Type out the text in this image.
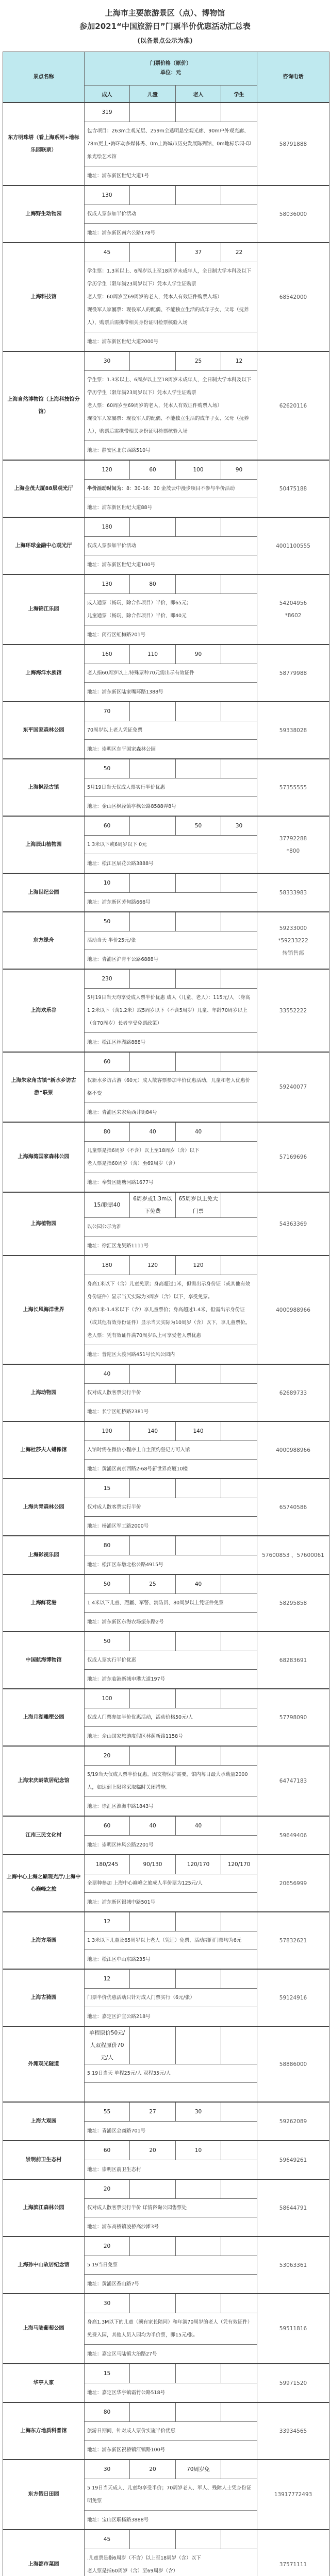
上海市主要旅游景区（点）、博物馆
参加2021“中国旅游日”门票半价优惠活动汇总表
(以各景点公示为准)
景点名称	门票价格（原价）
单位：元				咨询电话
	成人	儿童	老人	学生	
东方明珠塔（看上海系列+地标乐园联票）	319				58791888

	包含项目：263m主观光层、259m全透明悬空观光廊、90m户外观光廊、78m更上•海环动多媒体秀、0m上海城市历史发展陈列馆、0m地标乐园-印象光绘艺术馆				

	地址：浦东新区世纪大道1号				
上海野生动物园	130				58036000

	仅成人票参加半价活动				

	地址：浦东新区南六公路178号				
上海科技馆	45		37	22	68542000

	学生票：1.3米以上、6周岁以上至18周岁未成年人，全日制大学本科及以下学历学生（限年满23周岁以下）凭本人学生证购票
老人票：60周岁至69周岁的老人，凭本人有效证件购票入场）
现役军人家屬票：现役军人的配偶、不能独立生活的成年子女、父母（抚养人），购票后需携带相关身份证明检票核验入场				

	地址：浦东新区世纪大道2000号				
上海自然博物馆（上海科技馆分馆）	30		25	12	62620116

	学生票：1.3米以上、6周岁以上至18周岁未成年人，全日制大学本科及以下学历学生（限年满23周岁以下）凭本人学生证购票
老人票：60周岁至69周岁的老人，凭本人有效证件购票入场）
现役军人家屬票：现役军人的配偶、不能独立生活的成年子女、父母（抚养人），购票后需携带相关身份证明检票核验入场				

	地址：静安区北京西路510号				
上海金茂大厦88层观光厅	120	60	100	90	50475188

	半价活动时间为：8：30-16：30 金茂云中漫步项目不参与半价活动				

	地址：浦东新区世纪大道88号				
上海环球金融中心观光厅	180				4001100555

	仅成人票参加半价活动				

	地址：浦东新区世纪大道100号				
上海锦江乐园	130	80			54204956
*8602

	成人通票（畅玩，除合作项目）半价，即65元；
儿童通票（畅玩，除合作项目）半价，即40元				

	地址：闵行区虹梅路201号				
上海海洋水族馆	160	110	90		58779988

	老人指60周岁以上.特殊票种70元需出示有效证件				

	地址：浦东新区陆家嘴环路1388号				
东平国家森林公园	70				59338028

	70周岁以上老人凭证免票				

	地址：崇明区东平国家森林公园				
上海枫泾古镇	50				57355555

	5月19日当天仅成人票实行半价优惠				

	地址：金山区枫泾镇亭枫公路8588弄8号				
上海辰山植物园	60		50	30	37792288
*800

	1.3米以下或6周岁以下 0元				

	地址：松江区辰花公路3888号				
上海世纪公园	10				58333983

	地址：浦东新区芳甸路666号				
东方绿舟	50				59233000
*59233222
转销售部

	活动当天 半价25元/张				

	地址：青浦区沪青平公路6888号				
上海欢乐谷	230				33552222

	5月19日当天均享受成人票半价优惠 成人（儿童、老人）：115元/人 （身高1.2米以下（含1.2米）或5周岁以下（不含5周岁）儿童、年龄70周岁以上（含70周岁）长者享受免票政策）				

	地址：松江区林湖路888号				
上海朱家角古镇“新水乡访古游”联票	60				59240077

	仅新水乡访古游（60元）成人散客票参加半价优惠活动，儿童和老人优惠价格不变				

	地址：青浦区朱家角西井街84号				
上海海湾国家森林公园	80	40	40		57169696

	儿童票是指6周岁（不含）以上至18周岁（含）以下
老人票是指60周岁（含）至69周岁（含）				

	地址：奉贤区随塘河路1677号				
上海植物园	15/联票40	6周岁或1.3m以下免费	65周岁以上免大门票		54363369

	以公园公示为准				

	地址：徐汇区龙吴路1111号				
上海长风海洋世界	180	120	120		4000988966

	身高1米以下（含）儿童免票；身高超过1米，但需出示身份证（或其他有效身份证件）显示当天实际为3周岁（含）以下，享受免票。
身高1米-1.4米以下（含）享儿童票价；身高超过1.4米，但需出示身份证（或其他有效身份证件）显示当天实际为10周岁（含）以下，享儿童票价。
老人票：凭有效证件满70周岁以上可享受老人票优惠				

	地址：普陀区大渡河路451号长风公园内				
上海动物园	40				62689733

	仅对成人散客票实行半价				

	地址：长宁区虹桥路2381号				
上海杜莎夫人蜡像馆	190	140	140		4000988966

	入馆时需在微信小程序上自主预约登记方可入馆				

	地址：黄浦区南京西路2-68号新世界商厦10楼				
上海共青森林公园	15				65740586

	仅对成人散客票实行半价				

	地址：杨浦区军工路2000号				
上海影视乐园	80				57600853 、57600061

	地址：松江区车墩北松公路4915号				
上海鲜花港	50	25	40		58295858

	1.4米以下儿童、烈屬、军警、消防员、80周岁以上凭证件免票				

	地址：浦东新区东海农场振东路2号				
中国航海博物馆	50				68283691

	仅成人票实行半价优惠				

	地址：浦东临港新城申港大道197号				
上海月湖雕塑公园	100				57798090

	仅成人门票参加半价优惠活动，活动价格50元/人				

	地址：佘山国家旅游度假区林荫新路1158号				
上海宋庆龄故居纪念馆	20				64747183

	5/19当天仅成人票半价优惠。因文物保护需要，馆内每日最大承载量2000人，如达到上限将采取临时关闭措施。				

	地址：徐汇区淮海中路1843号				
江南三民文化村	60	40	40		59649406

	地址：崇明区林风公路2201号				
上海中心上海之巅观光厅/上海中心巅峰之旅	180/245	90/130	120/170	120/170	20656999

	全票种参加 上海中心巅峰之旅成人半价票为125元/人				

	地址：浦东新区银城中路501号				
上海方塔园	12				57832621

	1.3米以下儿童及65周岁以上老人（凭证）免票，活动期间门票均为6元				

	地址：松江区中山东路235号				
上海古猗园	12				59124916

	门票半价优惠活动只针对成人门票实行（6元/张）				

	地址：嘉定区沪宜公路218号				
外滩观光隧道	单程原价50元/人双程原价70元/人				58886000

	5.19日当天 单程25元/人 双程35元/人				

上海大观园	55	27	30		59262089

	地址：青浦区金商路701号				
崇明前卫生态村	60	20	10		59649261

	地址：崇明区前卫生态村				
上海滨江森林公园	20				58644791

	仅对成人散客票实行半价 详情咨询公园售票处				

	地址：浦东高桥镇凌桥高沙滩3号				
上海孙中山故居纪念馆	20				53063361

	5.19当日免票				

	地址：黄浦区香山路7号				
上海马陆葡萄公园	30				59511816

	身高1.3M以下的儿童（须有家长陪同）和年满70周岁的老人（凭有效证件）免费入园，其他人员入园均为半价票，即15元/张。				

	地址：嘉定区马陆镇大治路27号				
华亭人家	15				59971520

	地址：嘉定区华亭镇霜竹公路518号				
上海东方地质科普馆	80				33934565

	旅游日期间，针对成人票价实施半价优惠				

	地址：浦东新区祝桥镇江镇路100号				
东方假日田园	30	20	70周岁免		13917772493

	5.19日当天成人、儿童均享受半价；70周岁老人、军人、残障人士凭身份证明免票				

	地址：宝山区联杨路3888号				
上海都市菜园	45				37571111

	.儿童票是指6周岁（不含）以上至18周岁（含）以下
老人票是指60周岁（含）至69周岁（含）				
